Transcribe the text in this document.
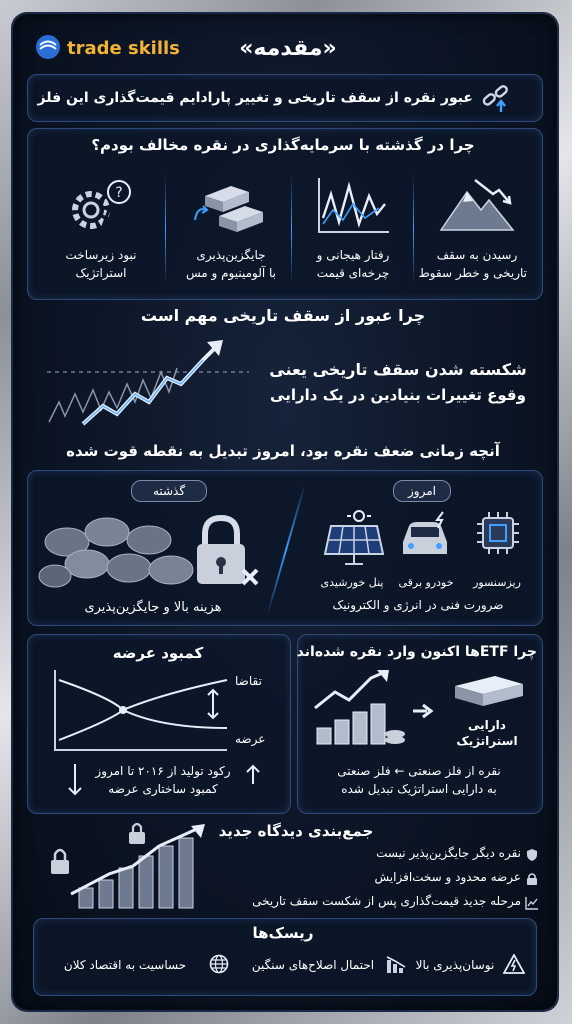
trade skills	«مقدمه»
عبور نقره از سقف تاریخی و تغییر پارادایم قیمت‌گذاری این فلز
چرا در گذشته با سرمایه‌گذاری در نقره مخالف بودم؟
رسیدن به سقف
تاریخی و خطر سقوط
رفتار هیجانی و
چرخه‌ای قیمت
جایگزین‌پذیری
با آلومینیوم و مس
?
نبود زیرساخت
استراتژیک
چرا عبور از سقف تاریخی مهم است
شکسته شدن سقف تاریخی یعنی
وقوع تغییرات بنیادین در یک دارایی
آنچه زمانی ضعف نقره بود، امروز تبدیل به نقطه قوت شده
گذشته
هزینه بالا و جایگزین‌پذیری
امروز
ریزسنسور
خودرو برقی
پنل خورشیدی
ضرورت فنی در انرژی و الکترونیک
کمبود عرضه
تقاضا
عرضه
رکود تولید از ۲۰۱۶ تا امروز
کمبود ساختاری عرضه
چرا ETFها اکنون وارد نقره شده‌اند
دارایی
استراتژیک
نقره از فلز صنعتی ← فلز صنعتی
به دارایی استراتژیک تبدیل شده
جمع‌بندی دیدگاه جدید
نقره دیگر جایگزین‌پذیر نیست
عرضه محدود و سخت‌افزایش
مرحله جدید قیمت‌گذاری پس از شکست سقف تاریخی
ریسک‌ها
نوسان‌پذیری بالا
احتمال اصلاح‌های سنگین
حساسیت به اقتصاد کلان
